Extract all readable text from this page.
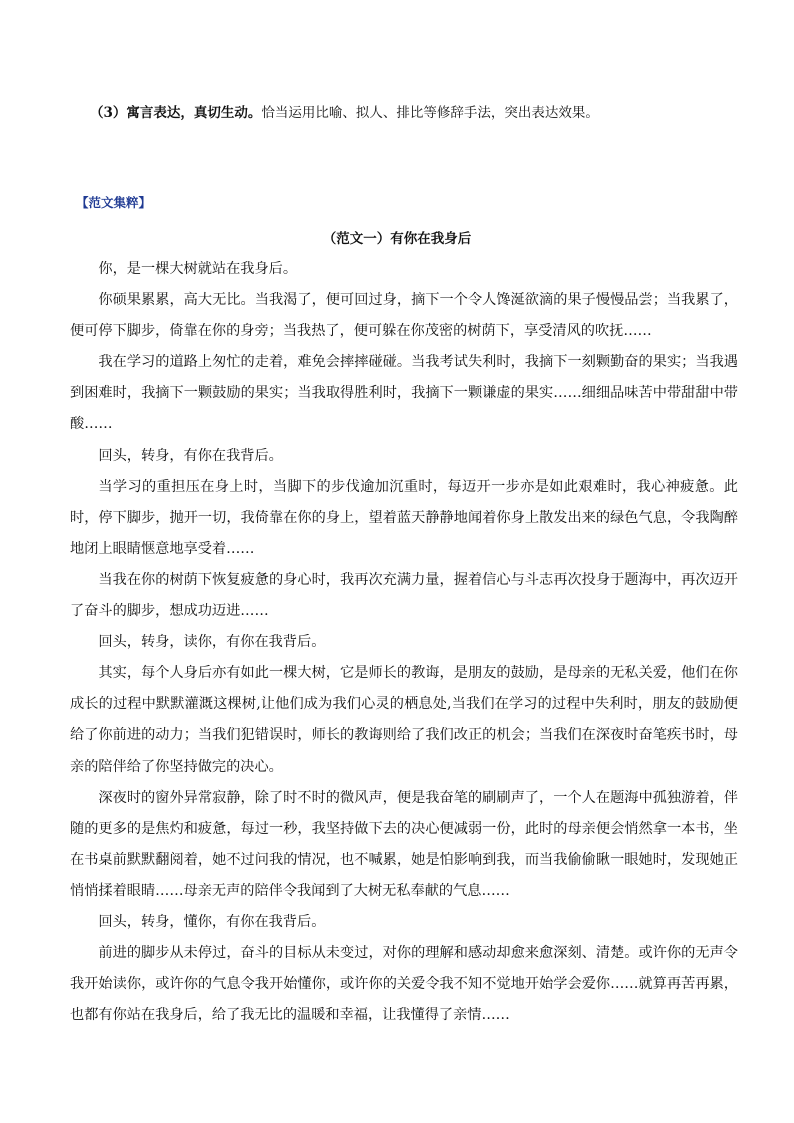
（3）寓言表达，真切生动。恰当运用比喻、拟人、排比等修辞手法，突出表达效果。
【范文集粹】
（范文一）有你在我身后

你，是一棵大树就站在我身后。

你硕果累累，高大无比。当我渴了，便可回过身，摘下一个令人馋涎欲滴的果子慢慢品尝；当我累了，便可停下脚步，倚靠在你的身旁；当我热了，便可躲在你茂密的树荫下，享受清风的吹抚……

我在学习的道路上匆忙的走着，难免会摔摔碰碰。当我考试失利时，我摘下一刻颗勤奋的果实；当我遇到困难时，我摘下一颗鼓励的果实；当我取得胜利时，我摘下一颗谦虚的果实……细细品味苦中带甜甜中带酸……

回头，转身，有你在我背后。

当学习的重担压在身上时，当脚下的步伐逾加沉重时，每迈开一步亦是如此艰难时，我心神疲惫。此时，停下脚步，抛开一切，我倚靠在你的身上，望着蓝天静静地闻着你身上散发出来的绿色气息，令我陶醉地闭上眼睛惬意地享受着……

当我在你的树荫下恢复疲惫的身心时，我再次充满力量，握着信心与斗志再次投身于题海中，再次迈开了奋斗的脚步，想成功迈进……

回头，转身，读你，有你在我背后。

其实，每个人身后亦有如此一棵大树，它是师长的教诲，是朋友的鼓励，是母亲的无私关爱，他们在你成长的过程中默默灌溉这棵树,让他们成为我们心灵的栖息处,当我们在学习的过程中失利时，朋友的鼓励便给了你前进的动力；当我们犯错误时，师长的教诲则给了我们改正的机会；当我们在深夜时奋笔疾书时，母亲的陪伴给了你坚持做完的决心。

深夜时的窗外异常寂静，除了时不时的微风声，便是我奋笔的刷刷声了，一个人在题海中孤独游着，伴随的更多的是焦灼和疲惫，每过一秒，我坚持做下去的决心便减弱一份，此时的母亲便会悄然拿一本书，坐在书桌前默默翻阅着，她不过问我的情况，也不喊累，她是怕影响到我，而当我偷偷瞅一眼她时，发现她正悄悄揉着眼睛……母亲无声的陪伴令我闻到了大树无私奉献的气息……

回头，转身，懂你，有你在我背后。

前进的脚步从未停过，奋斗的目标从未变过，对你的理解和感动却愈来愈深刻、清楚。或许你的无声令我开始读你，或许你的气息令我开始懂你，或许你的关爱令我不知不觉地开始学会爱你……就算再苦再累，也都有你站在我身后，给了我无比的温暖和幸福，让我懂得了亲情……
